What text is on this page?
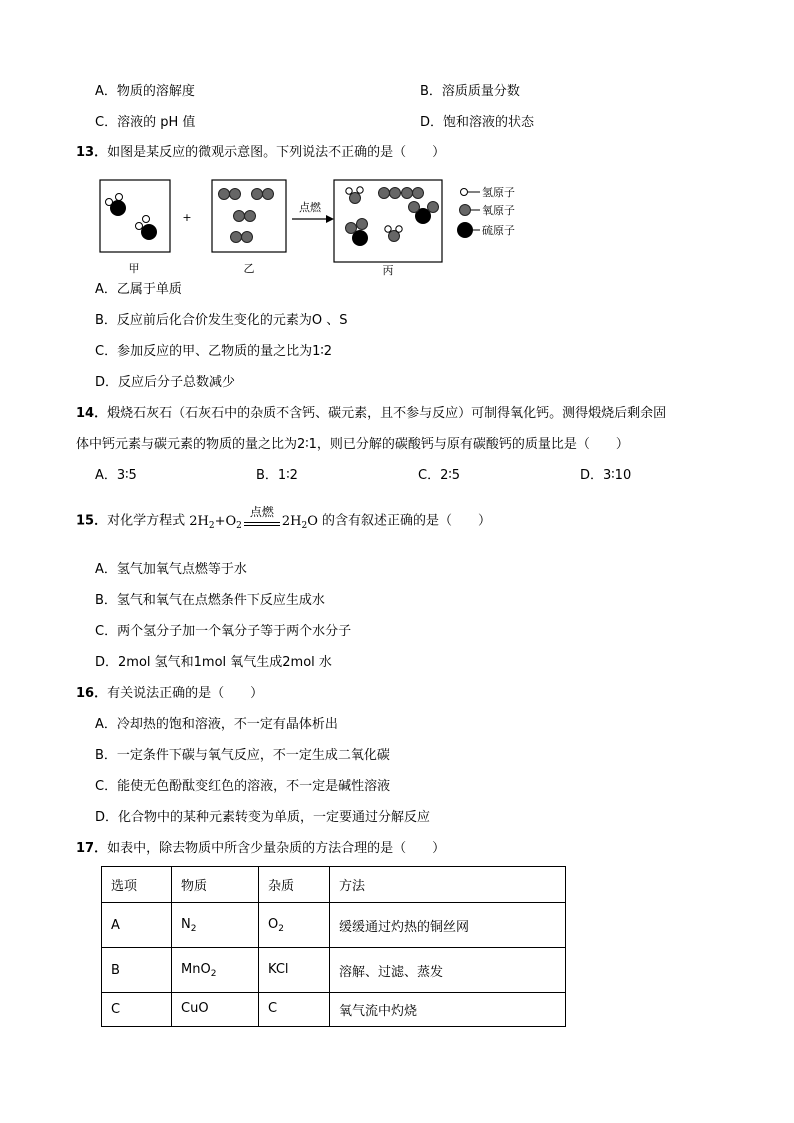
A．物质的溶解度	B．溶质质量分数
C．溶液的 pH 值	D．饱和溶液的状态
13．如图是某反应的微观示意图。下列说法不正确的是（　　）
甲
+
乙
点燃
丙
氢原子
氧原子
硫原子
A．乙属于单质
B．反应前后化合价发生变化的元素为O 、S
C．参加反应的甲、乙物质的量之比为1∶2
D．反应后分子总数减少
14．煅烧石灰石（石灰石中的杂质不含钙、碳元素，且不参与反应）可制得氧化钙。测得煅烧后剩余固
体中钙元素与碳元素的物质的量之比为2∶1，则已分解的碳酸钙与原有碳酸钙的质量比是（　　）
A．3∶5	B．1∶2	C．2∶5	D．3∶10
15．对化学方程式 $2H_2+O_2$
点燃
$2H_2O$ 的含有叙述正确的是（　　）
A．氢气加氧气点燃等于水
B．氢气和氧气在点燃条件下反应生成水
C．两个氢分子加一个氧分子等于两个水分子
D．2mol 氢气和1mol 氧气生成2mol 水
16．有关说法正确的是（　　）
A．冷却热的饱和溶液，不一定有晶体析出
B．一定条件下碳与氧气反应，不一定生成二氧化碳
C．能使无色酚酞变红色的溶液，不一定是碱性溶液
D．化合物中的某种元素转变为单质，一定要通过分解反应
17．如表中，除去物质中所含少量杂质的方法合理的是（　　）
选项	物质	杂质	方法
A	$N_2$	$O_2$	缓缓通过灼热的铜丝网
B	MnO$_2$	KCl	溶解、过滤、蒸发
C	CuO	C	氧气流中灼烧
